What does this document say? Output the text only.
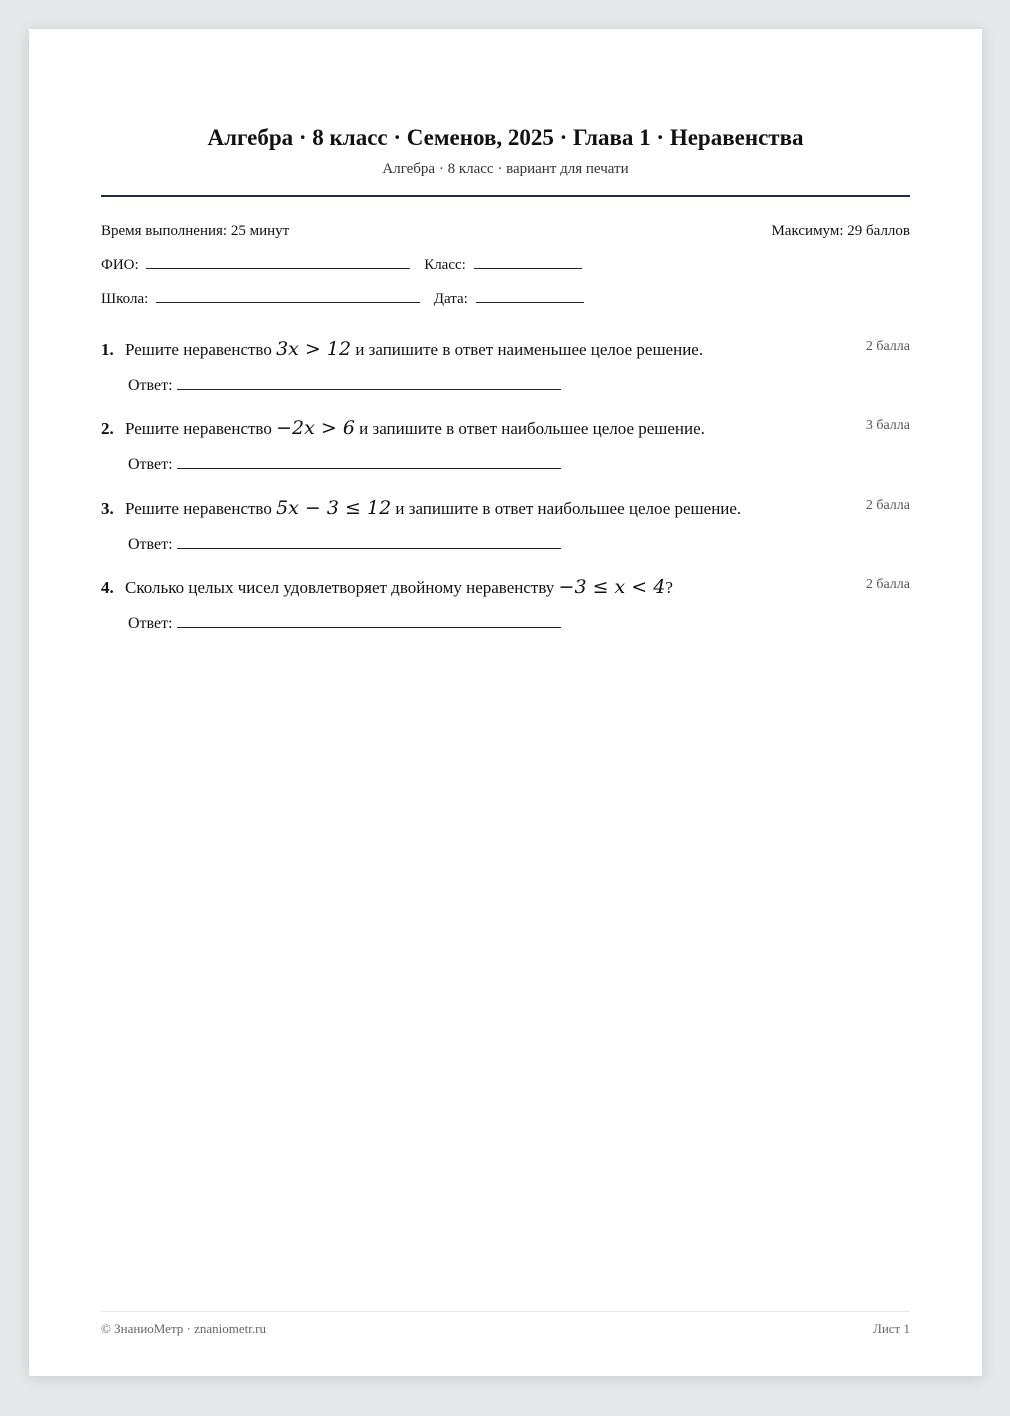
Алгебра · 8 класс · Семенов, 2025 · Глава 1 · Неравенства
Алгебра · 8 класс · вариант для печати
Время выполнения: 25 минут	Максимум: 29 баллов
ФИО:	Класс:
Школа:	Дата:
1. Решите неравенство 3x > 12 и запишите в ответ наименьшее целое решение.	2 балла
Ответ:
2. Решите неравенство −2x > 6 и запишите в ответ наибольшее целое решение.	3 балла
Ответ:
3. Решите неравенство 5x − 3 ≤ 12 и запишите в ответ наибольшее целое решение.	2 балла
Ответ:
4. Сколько целых чисел удовлетворяет двойному неравенству −3 ≤ x < 4?	2 балла
Ответ:
© ЗнаниоМетр · znaniometr.ru	Лист 1
